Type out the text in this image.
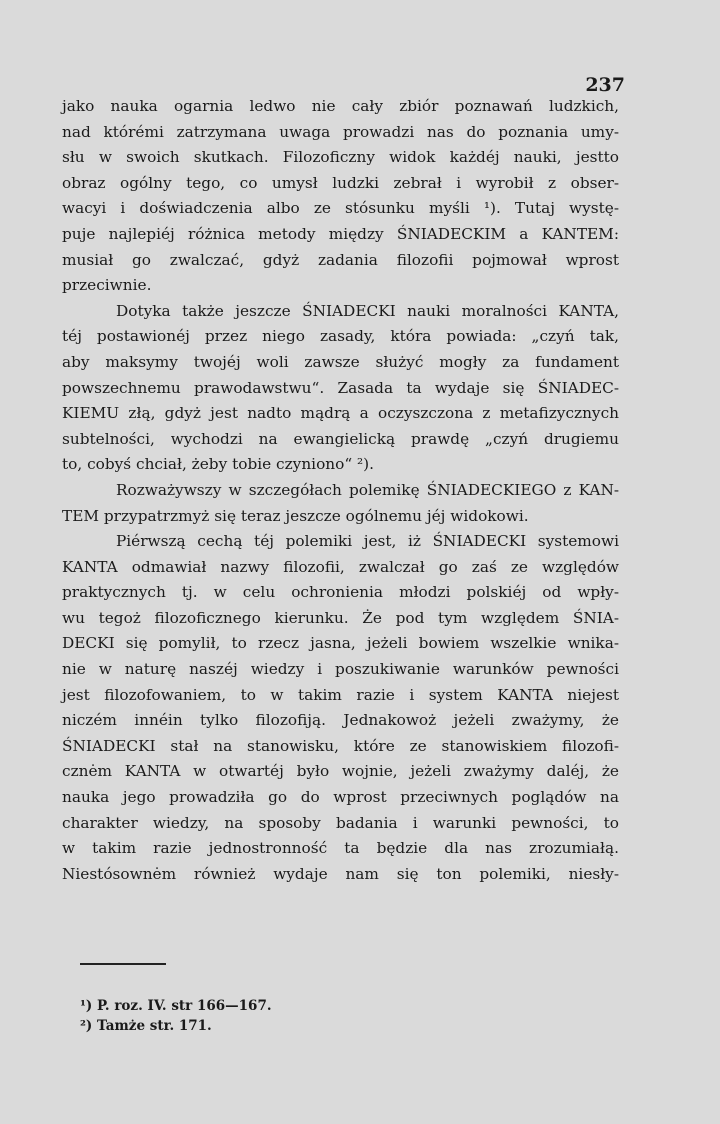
237
jako nauka ogarnia ledwo nie cały zbiór poznawań ludzkich,
nad którémi zatrzymana uwaga prowadzi nas do poznania umy-
słu w swoich skutkach. Filozoficzny widok każdéj nauki, jestto
obraz ogólny tego, co umysł ludzki zebrał i wyrobił z obser-
wacyi i doświadczenia albo ze stósunku myśli ¹). Tutaj wystę-
puje najlepiéj różnica metody między ŚNIADECKIM a KANTEM:
musiał go zwalczać, gdyż zadania filozofii pojmował wprost
przeciwnie.
Dotyka także jeszcze ŚNIADECKI nauki moralności KANTA,
téj postawionéj przez niego zasady, która powiada: „czyń tak,
aby maksymy twojéj woli zawsze służyć mogły za fundament
powszechnemu prawodawstwu“. Zasada ta wydaje się ŚNIADEC-
KIEMU złą, gdyż jest nadto mądrą a oczyszczona z metafizycznych
subtelności, wychodzi na ewangielicką prawdę „czyń drugiemu
to, cobyś chciał, żeby tobie czyniono“ ²).
Rozważywszy w szczegółach polemikę ŚNIADECKIEGO z KAN-
TEM przypatrzmyż się teraz jeszcze ogólnemu jéj widokowi.
Piérwszą cechą téj polemiki jest, iż ŚNIADECKI systemowi
KANTA odmawiał nazwy filozofii, zwalczał go zaś ze względów
praktycznych tj. w celu ochronienia młodzi polskiéj od wpły-
wu tegoż filozoficznego kierunku. Że pod tym względem ŚNIA-
DECKI się pomylił, to rzecz jasna, jeżeli bowiem wszelkie wnika-
nie w naturę naszéj wiedzy i poszukiwanie warunków pewności
jest filozofowaniem, to w takim razie i system KANTA niejest
niczém innéin tylko filozofiją. Jednakowoż jeżeli zważymy, że
ŚNIADECKI stał na stanowisku, które ze stanowiskiem filozofi-
cznėm KANTA w otwartéj było wojnie, jeżeli zważymy daléj, że
nauka jego prowadziła go do wprost przeciwnych poglądów na
charakter wiedzy, na sposoby badania i warunki pewności, to
w takim razie jednostronność ta będzie dla nas zrozumiałą.
Niestósownėm również wydaje nam się ton polemiki, niesły-
¹) P. roz. IV. str 166—167.
²) Tamże str. 171.
